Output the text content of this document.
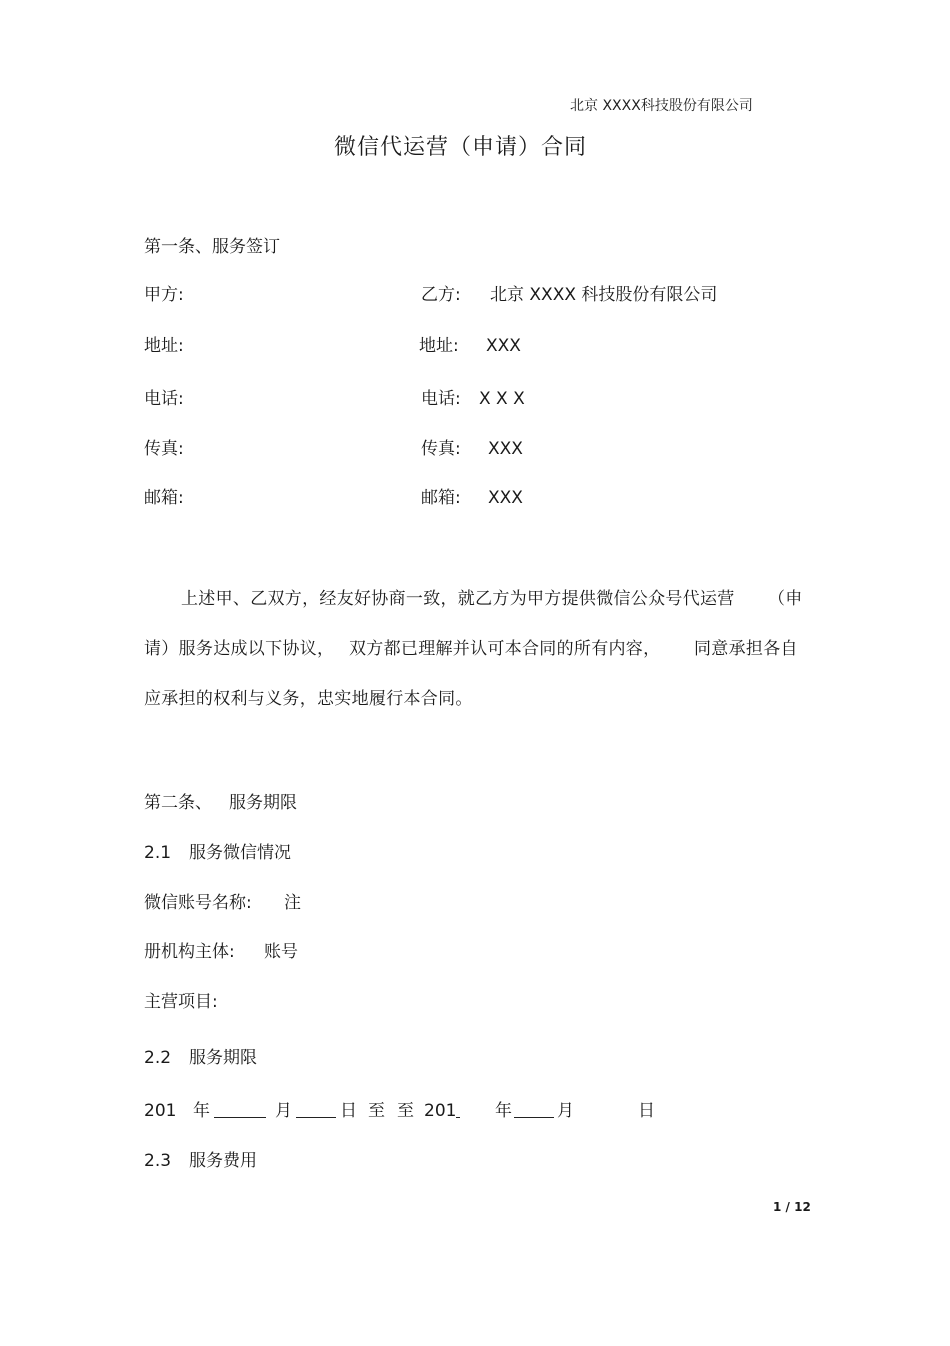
北京 XXXX科技股份有限公司
微信代运营（申请）合同
第一条、服务签订
甲方:	乙方: 北京 XXXX 科技股份有限公司
地址:	地址: XXX
电话:	电话: X X X
传真:	传真: XXX
邮箱:	邮箱: XXX
上述甲、乙双方，经友好协商一致，就乙方为甲方提供微信公众号代运营 （申
请）服务达成以下协议， 双方都已理解并认可本合同的所有内容， 同意承担各自
应承担的权利与义务，忠实地履行本合同。
第二条、 服务期限
2.1 服务微信情况
微信账号名称: 注
册机构主体: 账号
主营项目:
2.2 服务期限
201 年	月	日 至 至 201 年	月	日
2.3 服务费用
1 / 12
